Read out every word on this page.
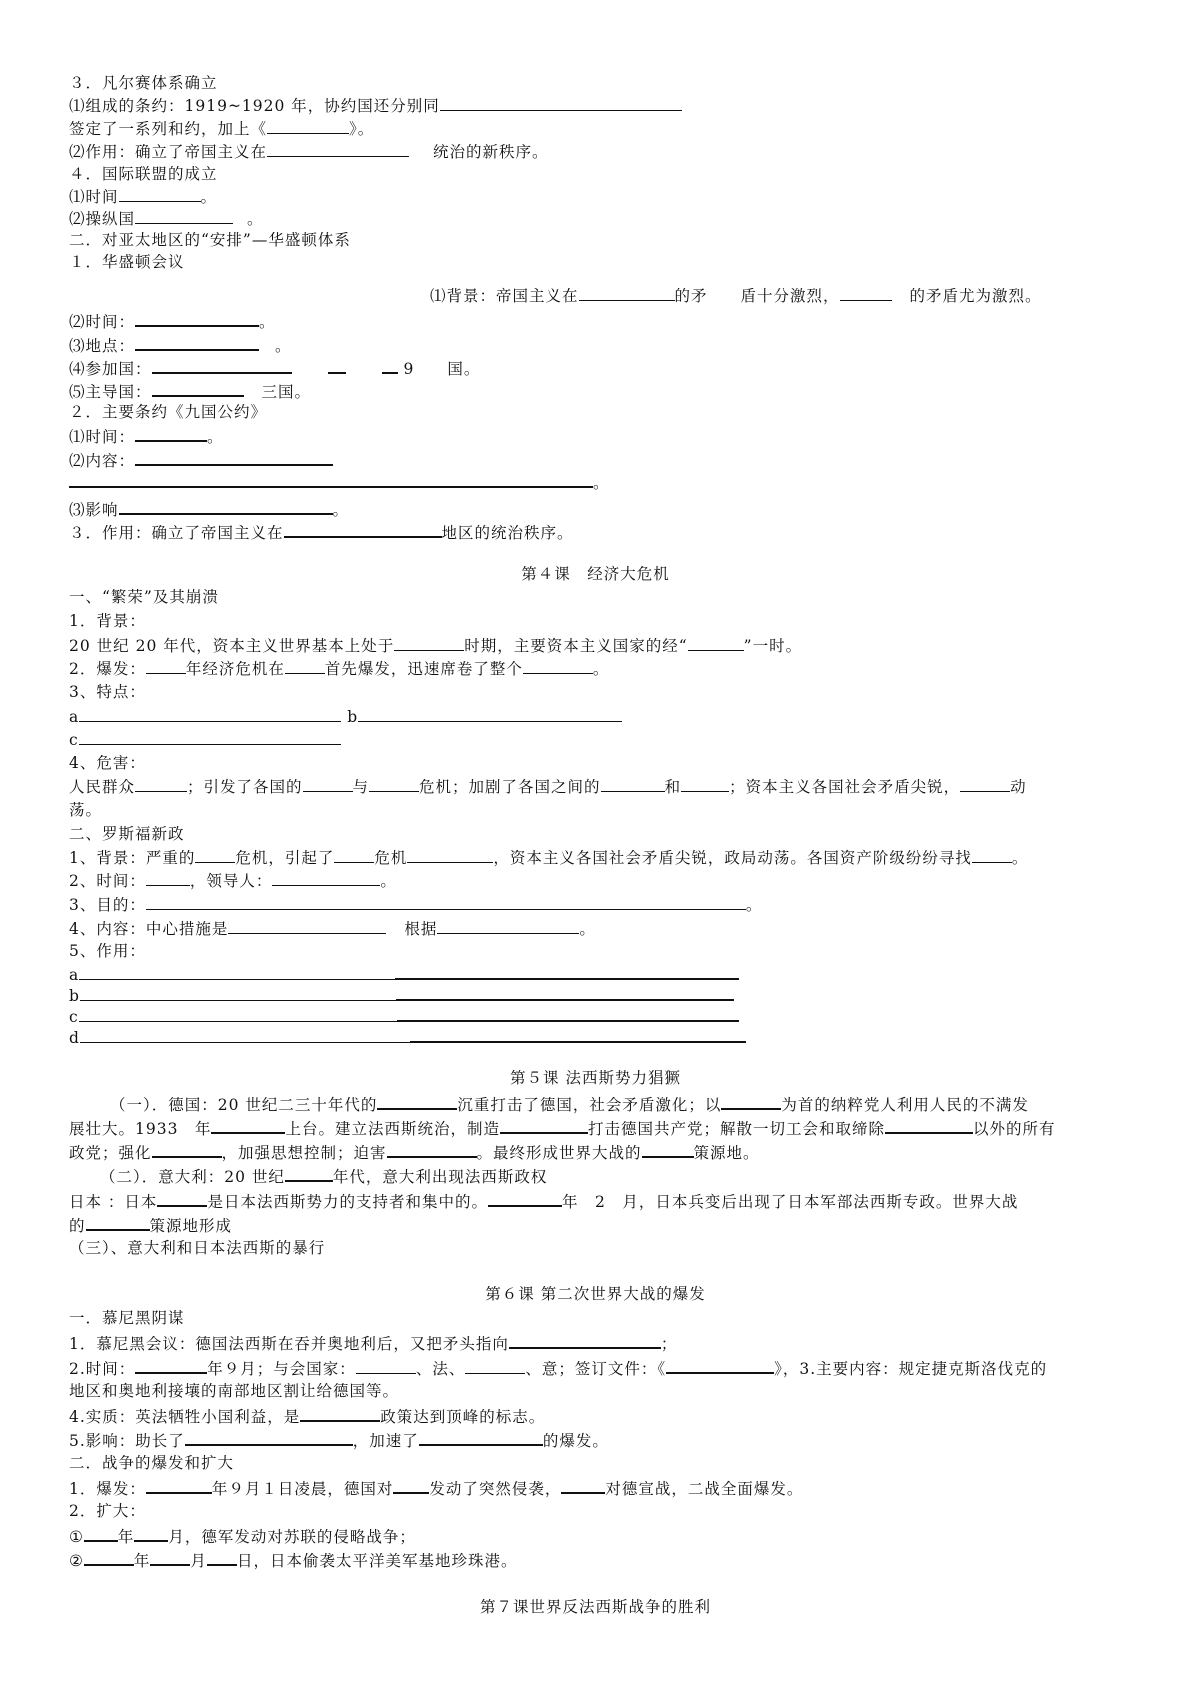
３．凡尔赛体系确立
⑴组成的条约：1919~1920 年，协约国还分别同
签定了一系列和约，加上《	》。
⑵作用：确立了帝国主义在	统治的新秩序。
４．国际联盟的成立
⑴时间	。
⑵操纵国	。
二．对亚太地区的“安排”—华盛顿体系
１．华盛顿会议
⑴背景：帝国主义在	的矛　　盾十分激烈，	的矛盾尤为激烈。
⑵时间：	。
⑶地点：	。
⑷参加国：	9　　国。
⑸主导国：	三国。
２．主要条约《九国公约》
⑴时间：	。
⑵内容：
。
⑶影响	。
３．作用：确立了帝国主义在	地区的统治秩序。
第４课　经济大危机
一、“繁荣”及其崩溃
1．背景：
20 世纪 20 年代，资本主义世界基本上处于	时期，主要资本主义国家的经“	”一时。
2．爆发：	年经济危机在	首先爆发，迅速席卷了整个	。
3、特点：
a	b
c
4、危害：
人民群众	；引发了各国的	与	危机；加剧了各国之间的	和	；资本主义各国社会矛盾尖锐，	动
荡。
二、罗斯福新政
1、背景：严重的	危机，引起了	危机	，资本主义各国社会矛盾尖锐，政局动荡。各国资产阶级纷纷寻找	。
2、时间：	，领导人：	。
3、目的：	。
4、内容：中心措施是	根据	。
5、作用：
a
b
c
d
第５课 法西斯势力猖獗
（一）．德国：20 世纪二三十年代的	沉重打击了德国，社会矛盾激化；以	为首的纳粹党人利用人民的不满发
展壮大。1933　年	上台。建立法西斯统治，制造	打击德国共产党；解散一切工会和取缔除	以外的所有
政党；强化	，加强思想控制；迫害	。最终形成世界大战的	策源地。
（二）．意大利：20 世纪	年代，意大利出现法西斯政权
日本 ：日本	是日本法西斯势力的支持者和集中的。	年　2　月，日本兵变后出现了日本军部法西斯专政。世界大战
的	策源地形成
（三）、意大利和日本法西斯的暴行
第６课 第二次世界大战的爆发
一．慕尼黑阴谋
1．慕尼黑会议：德国法西斯在吞并奥地利后，又把矛头指向	；
2.时间：	年９月；与会国家：	、法、	、意；签订文件：《	》，3.主要内容：规定捷克斯洛伐克的
地区和奥地利接壤的南部地区割让给德国等。
4.实质：英法牺牲小国利益，是	政策达到顶峰的标志。
5.影响：助长了	，加速了	的爆发。
二．战争的爆发和扩大
1．爆发：	年９月１日凌晨，德国对 发动了突然侵袭，	对德宣战，二战全面爆发。
2．扩大：
① 年 月，德军发动对苏联的侵略战争；
②	年	月 日，日本偷袭太平洋美军基地珍珠港。
第７课世界反法西斯战争的胜利
